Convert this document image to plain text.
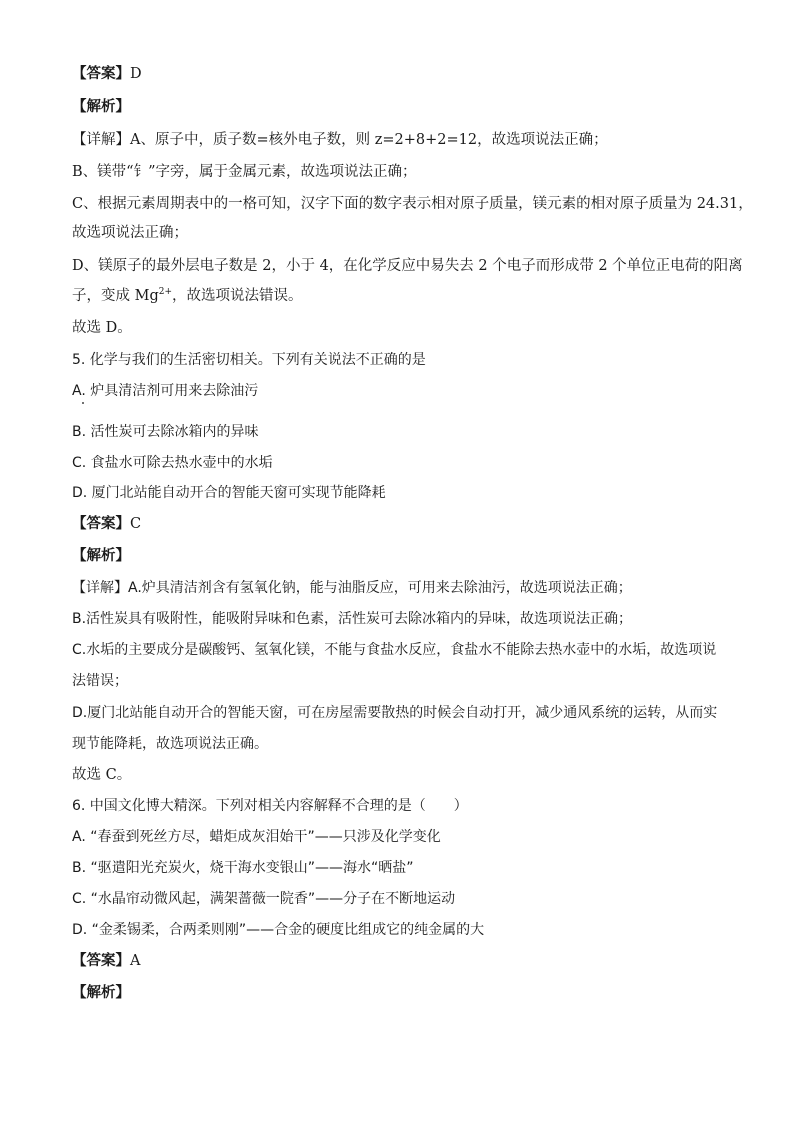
【答案】D
【解析】
【详解】A、原子中，质子数=核外电子数，则 z=2+8+2=12，故选项说法正确；
B、镁带“钅”字旁，属于金属元素，故选项说法正确；
C、根据元素周期表中的一格可知，汉字下面的数字表示相对原子质量，镁元素的相对原子质量为 24.31，
故选项说法正确；
D、镁原子的最外层电子数是 2，小于 4，在化学反应中易失去 2 个电子而形成带 2 个单位正电荷的阳离
子，变成 $Mg^{2+}$，故选项说法错误。
故选 D。
5. 化学与我们的生活密切相关。下列有关说法不正确的是
A. 炉具清洁剂可用来去除油污
B. 活性炭可去除冰箱内的异味
C. 食盐水可除去热水壶中的水垢
D. 厦门北站能自动开合的智能天窗可实现节能降耗
【答案】C
【解析】
【详解】A.炉具清洁剂含有氢氧化钠，能与油脂反应，可用来去除油污，故选项说法正确；
B.活性炭具有吸附性，能吸附异味和色素，活性炭可去除冰箱内的异味，故选项说法正确；
C.水垢的主要成分是碳酸钙、氢氧化镁，不能与食盐水反应，食盐水不能除去热水壶中的水垢，故选项说
法错误；
D.厦门北站能自动开合的智能天窗，可在房屋需要散热的时候会自动打开，减少通风系统的运转，从而实
现节能降耗，故选项说法正确。
故选 C。
6. 中国文化博大精深。下列对相关内容解释不合理的是（　　）
A. “春蚕到死丝方尽，蜡炬成灰泪始干”——只涉及化学变化
B. “驱遣阳光充炭火，烧干海水变银山”——海水“晒盐”
C. “水晶帘动微风起，满架蔷薇一院香”——分子在不断地运动
D. “金柔锡柔，合两柔则刚”——合金的硬度比组成它的纯金属的大
【答案】A
【解析】
